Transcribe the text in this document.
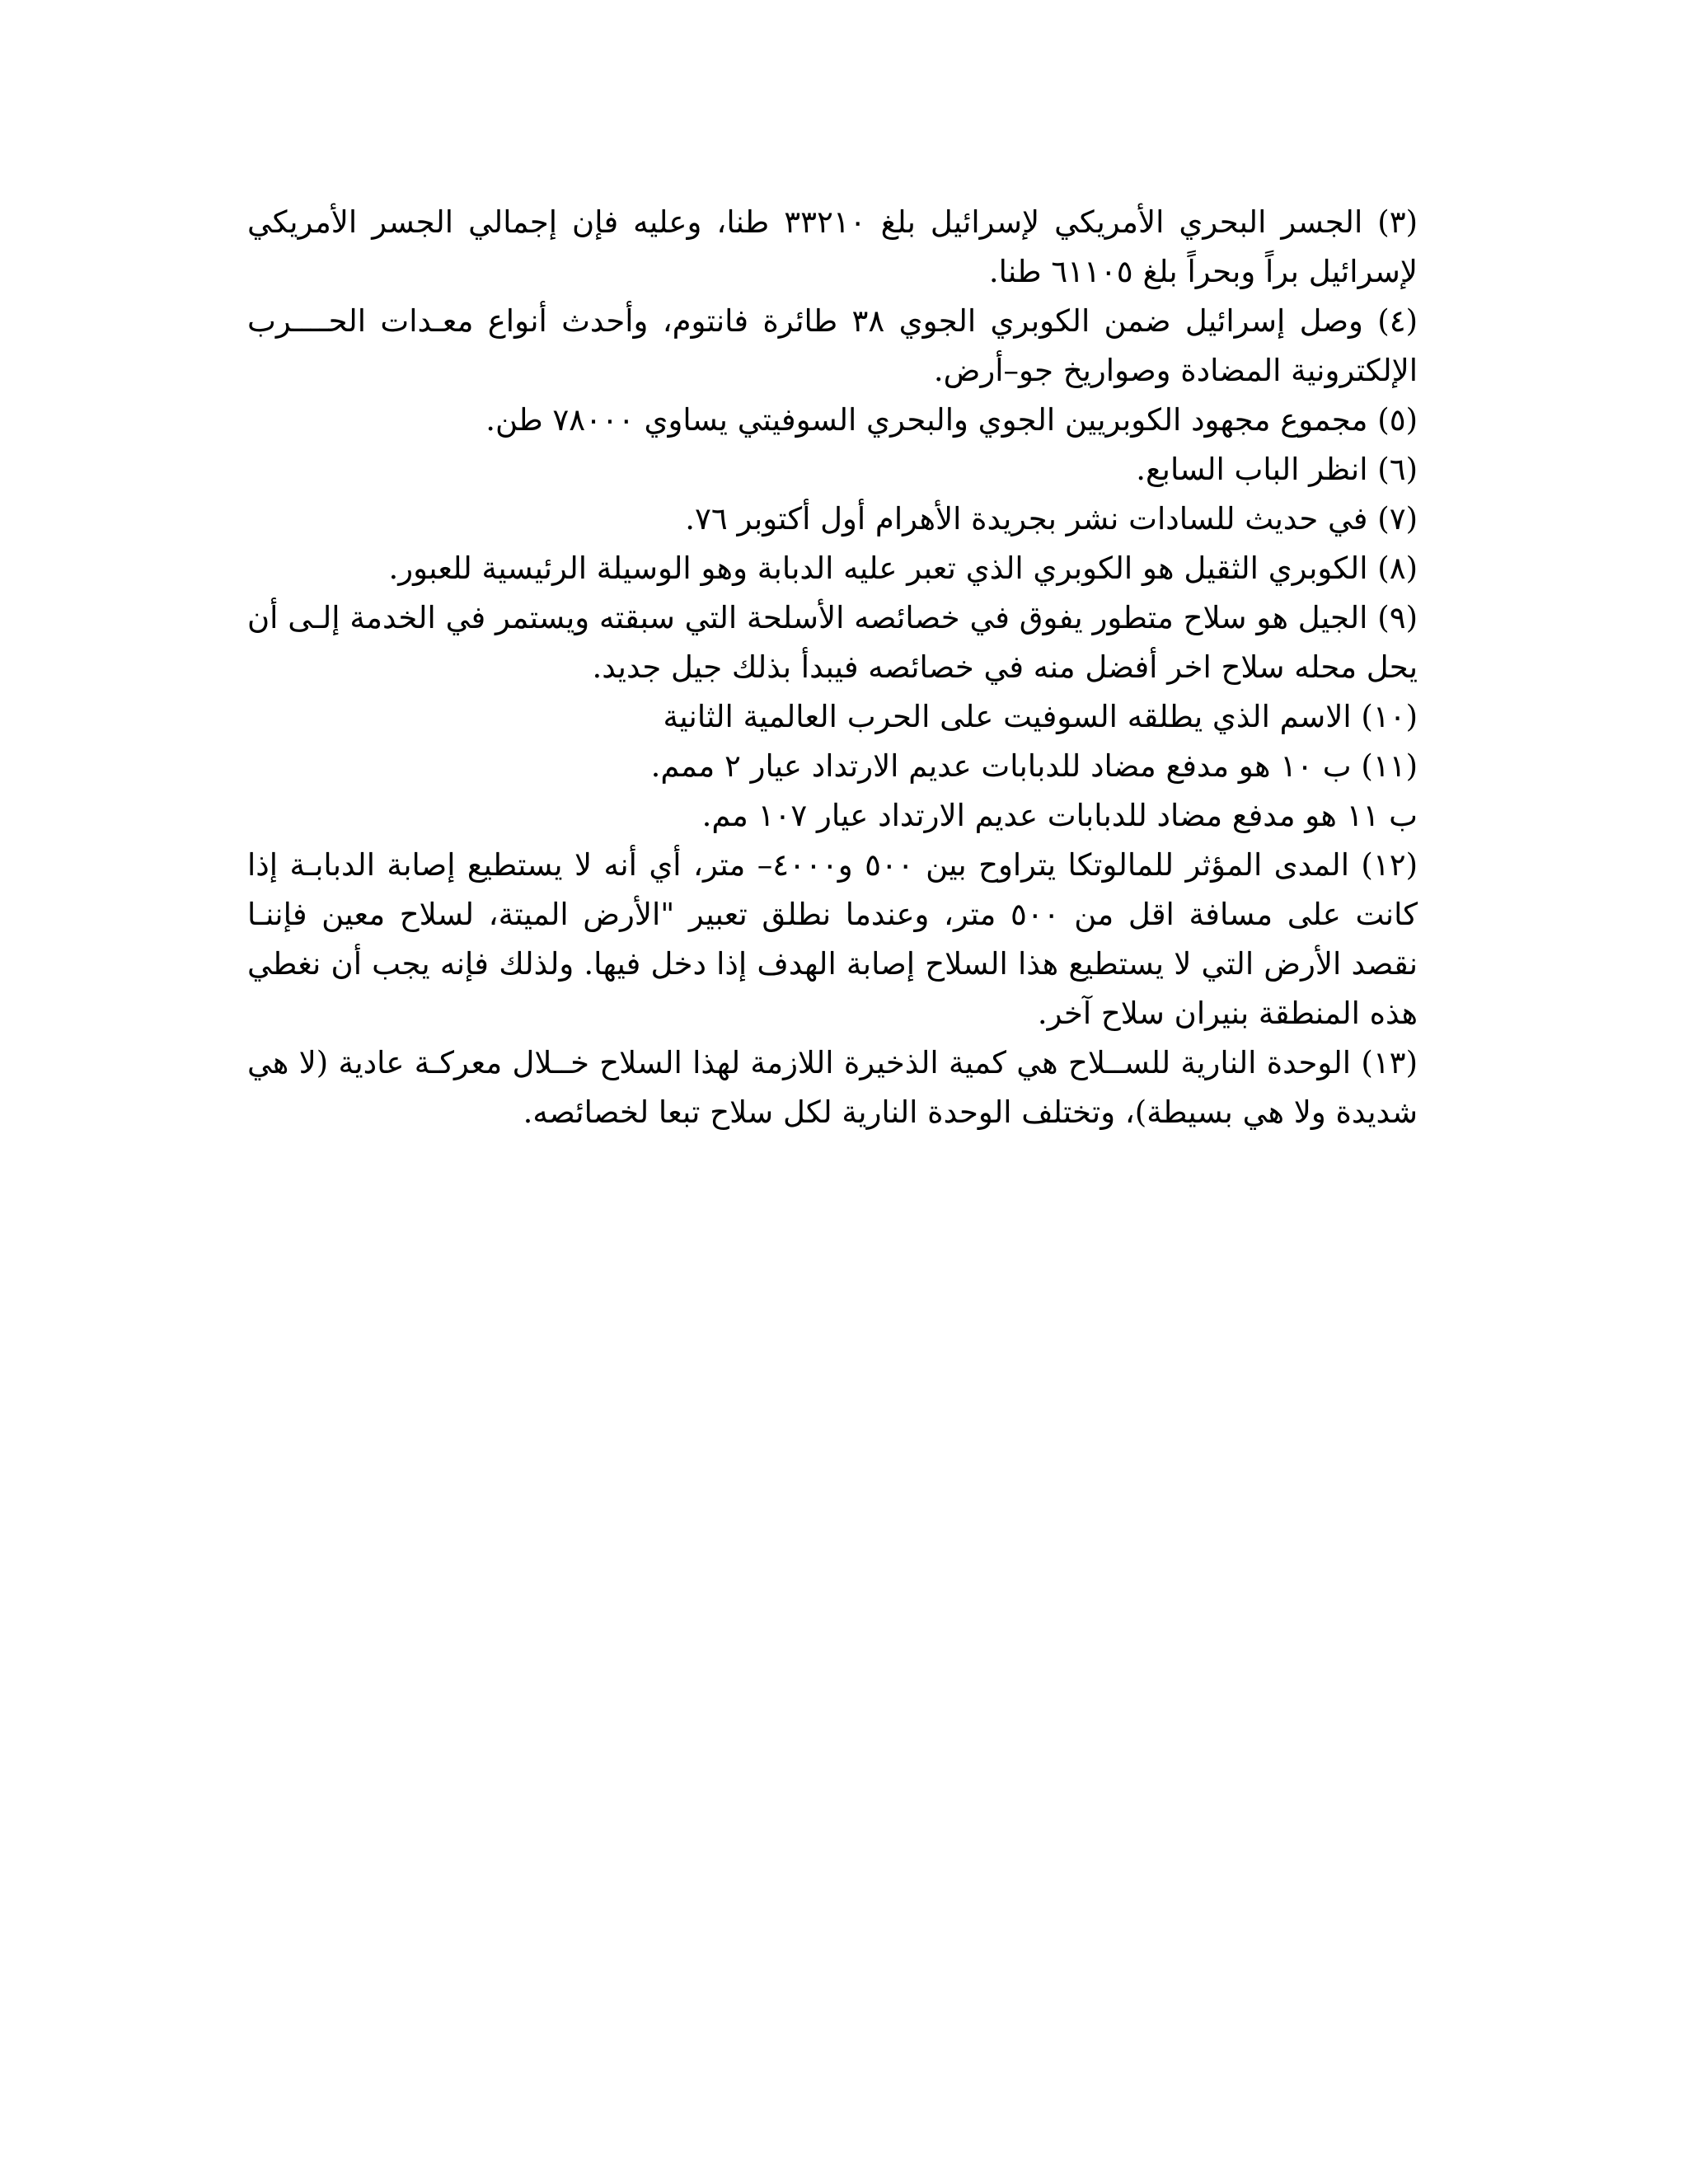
(٣) الجسر البحري الأمريكي لإسرائيل بلغ ٣٣٢١٠ طنا، وعليه فإن إجمالي الجسر الأمريكي لإسرائيل براً وبحراً بلغ ٦١١٠٥ طنا.

(٤) وصل إسرائيل ضمن الكوبري الجوي ٣٨ طائرة فانتوم، وأحدث أنواع معـدات الحــــرب الإلكترونية المضادة وصواريخ جو–أرض.

(٥) مجموع مجهود الكوبريين الجوي والبحري السوفيتي يساوي ٧٨٠٠٠ طن.

(٦) انظر الباب السابع.

(٧) في حديث للسادات نشر بجريدة الأهرام أول أكتوبر ٧٦.

(٨) الكوبري الثقيل هو الكوبري الذي تعبر عليه الدبابة وهو الوسيلة الرئيسية للعبور.

(٩) الجيل هو سلاح متطور يفوق في خصائصه الأسلحة التي سبقته ويستمر في الخدمة إلـى أن يحل محله سلاح اخر أفضل منه في خصائصه فيبدأ بذلك جيل جديد.

(١٠) الاسم الذي يطلقه السوفيت على الحرب العالمية الثانية

(١١) ب ١٠ هو مدفع مضاد للدبابات عديم الارتداد عيار ٢ ممم.

ب ١١ هو مدفع مضاد للدبابات عديم الارتداد عيار ١٠٧ مم.

(١٢) المدى المؤثر للمالوتكا يتراوح بين ٥٠٠ و٤٠٠٠– متر، أي أنه لا يستطيع إصابة الدبابـة إذا كانت على مسافة اقل من ٥٠٠ متر، وعندما نطلق تعبير "الأرض الميتة، لسلاح معين فإننـا نقصد الأرض التي لا يستطيع هذا السلاح إصابة الهدف إذا دخل فيها. ولذلك فإنه يجب أن نغطي هذه المنطقة بنيران سلاح آخر.

(١٣) الوحدة النارية للســلاح هي كمية الذخيرة اللازمة لهذا السلاح خــلال معركـة عادية (لا هي شديدة ولا هي بسيطة)، وتختلف الوحدة النارية لكل سلاح تبعا لخصائصه.
